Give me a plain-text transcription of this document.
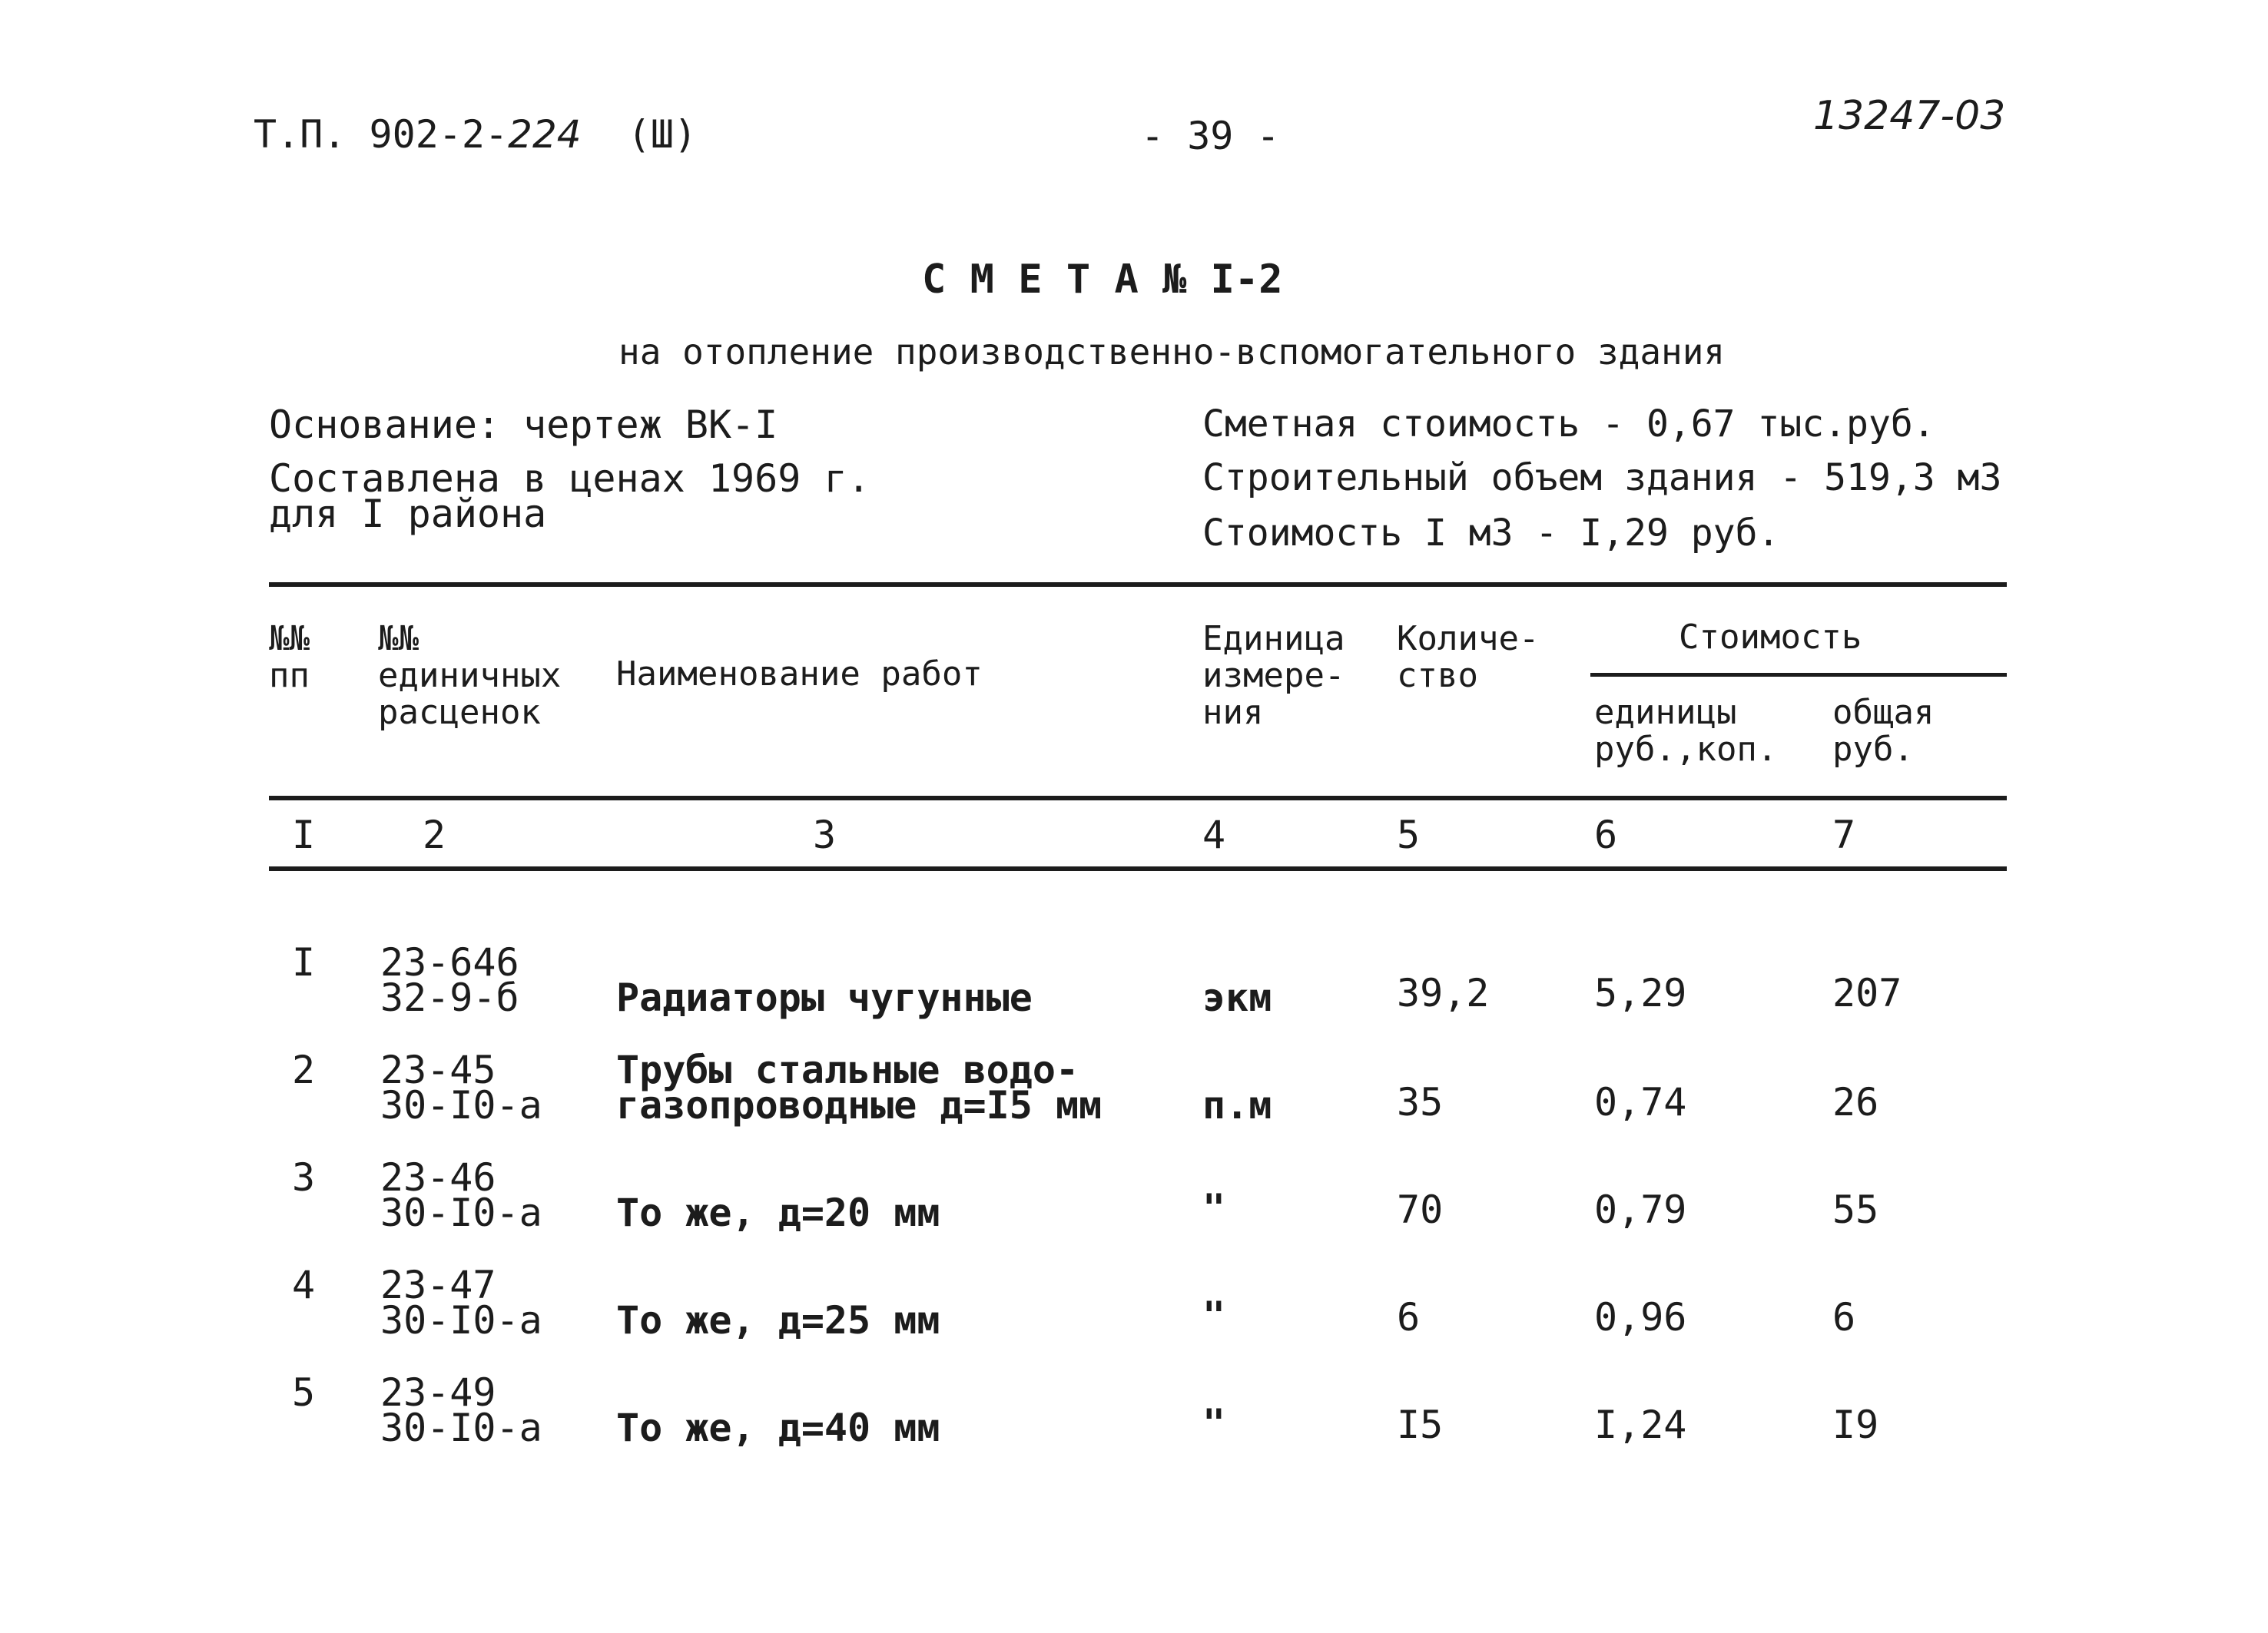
Т.П. 902-2-224 (Ш)	- 39 -	13247-03
С М Е Т А № I-2
на отопление производственно-вспомогательного здания
Основание: чертеж ВК-I
Составлена в ценах 1969 г.
для I района
Сметная стоимость - 0,67 тыс.руб.
Строительный объем здания - 519,3 м3
Стоимость I м3 - I,29 руб.
№№
пп
№№
единичных
расценок
Наименование работ
Единица
измере-
ния
Количе-
ство
Стоимость
единицы
руб.,коп.
общая
руб.
I	2	3	4	5	6	7
I 23-646
32-9-б	Радиаторы чугунные	экм	39,2	5,29	207
2 23-45
30-I0-а
Трубы стальные водо-
газопроводные д=I5 мм	п.м	35	0,74	26
3 23-46
30-I0-а То же, д=20 мм	"	70	0,79	55
4 23-47
30-I0-а То же, д=25 мм	"	6	0,96	6
5 23-49
30-I0-а То же, д=40 мм	"	I5	I,24	I9
